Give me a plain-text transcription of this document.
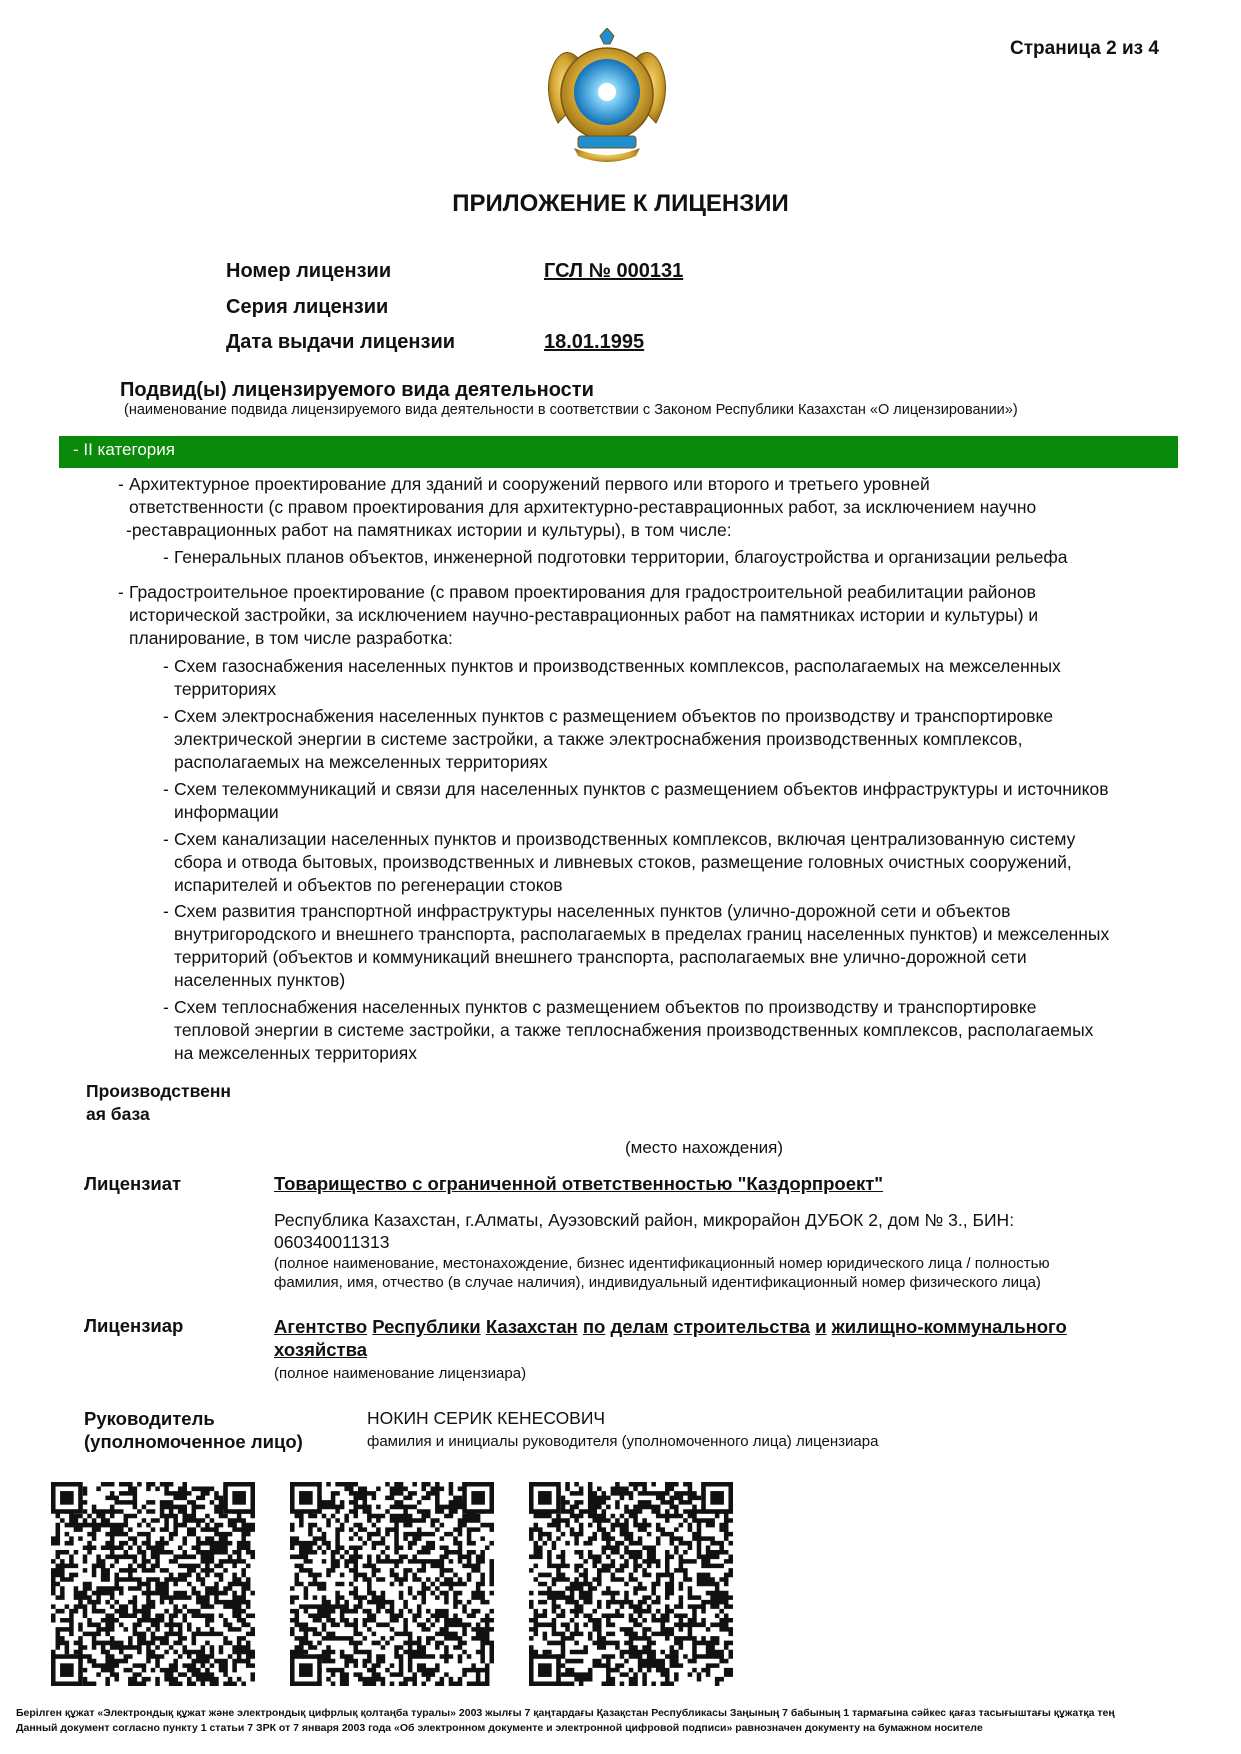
Страница 2 из 4
ПРИЛОЖЕНИЕ К ЛИЦЕНЗИИ
Номер лицензии	ГСЛ № 000131
Серия лицензии
Дата выдачи лицензии	18.01.1995
Подвид(ы) лицензируемого вида деятельности
(наименование подвида лицензируемого вида деятельности в соответствии с Законом Республики Казахстан «О лицензировании»)
- II категория
- Архитектурное проектирование для зданий и сооружений первого или второго и третьего уровней
ответственности (с правом проектирования для архитектурно-реставрационных работ, за исключением научно
-реставрационных работ на памятниках истории и культуры), в том числе:
- Генеральных планов объектов, инженерной подготовки территории, благоустройства и организации рельефа
- Градостроительное проектирование (с правом проектирования для градостроительной реабилитации районов
исторической застройки, за исключением научно-реставрационных работ на памятниках истории и культуры) и
планирование, в том числе разработка:
- Схем газоснабжения населенных пунктов и производственных комплексов, располагаемых на межселенных
территориях
- Схем электроснабжения населенных пунктов с размещением объектов по производству и транспортировке
электрической энергии в системе застройки, а также электроснабжения производственных комплексов,
располагаемых на межселенных территориях
- Схем телекоммуникаций и связи для населенных пунктов с размещением объектов инфраструктуры и источников
информации
- Схем канализации населенных пунктов и производственных комплексов, включая централизованную систему
сбора и отвода бытовых, производственных и ливневых стоков, размещение головных очистных сооружений,
испарителей и объектов по регенерации стоков
- Схем развития транспортной инфраструктуры населенных пунктов (улично-дорожной сети и объектов
внутригородского и внешнего транспорта, располагаемых в пределах границ населенных пунктов) и межселенных
территорий (объектов и коммуникаций внешнего транспорта, располагаемых вне улично-дорожной сети
населенных пунктов)
- Схем теплоснабжения населенных пунктов с размещением объектов по производству и транспортировке
тепловой энергии в системе застройки, а также теплоснабжения производственных комплексов, располагаемых
на межселенных территориях
Производственн
ая база
(место нахождения)
Лицензиат	Товарищество с ограниченной ответственностью "Каздорпроект"
Республика Казахстан, г.Алматы, Ауэзовский район, микрорайон ДУБОК 2, дом № 3., БИН:
060340011313
(полное наименование, местонахождение, бизнес идентификационный номер юридического лица / полностью
фамилия, имя, отчество (в случае наличия), индивидуальный идентификационный номер физического лица)
Лицензиар	Агентство Республики Казахстан по делам строительства и жилищно-коммунального
хозяйства
(полное наименование лицензиара)
Руководитель
(уполномоченное лицо)
НОКИН СЕРИК КЕНЕСОВИЧ
фамилия и инициалы руководителя (уполномоченного лица) лицензиара
Берілген құжат «Электрондық құжат және электрондық цифрлық қолтаңба туралы» 2003 жылғы 7 қаңтардағы Қазақстан Республикасы Заңының 7 бабының 1 тармағына сәйкес қағаз тасығыштағы құжатқа тең
Данный документ согласно пункту 1 статьи 7 ЗРК от 7 января 2003 года «Об электронном документе и электронной цифровой подписи» равнозначен документу на бумажном носителе
